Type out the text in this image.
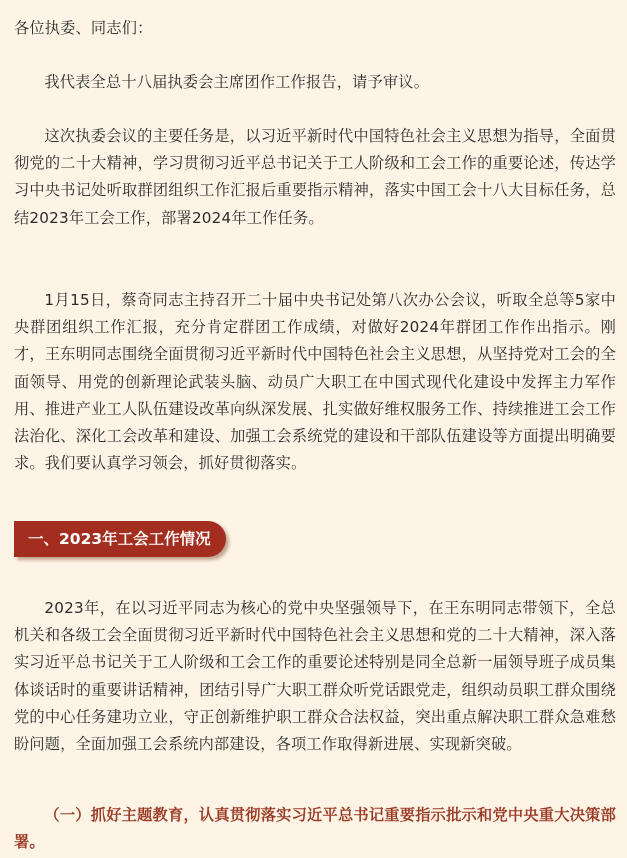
各位执委、同志们：

我代表全总十八届执委会主席团作工作报告，请予审议。

这次执委会议的主要任务是，以习近平新时代中国特色社会主义思想为指导，全面贯彻党的二十大精神，学习贯彻习近平总书记关于工人阶级和工会工作的重要论述，传达学习中央书记处听取群团组织工作汇报后重要指示精神，落实中国工会十八大目标任务，总结2023年工会工作，部署2024年工作任务。

1月15日，蔡奇同志主持召开二十届中央书记处第八次办公会议，听取全总等5家中央群团组织工作汇报，充分肯定群团工作成绩，对做好2024年群团工作作出指示。刚才，王东明同志围绕全面贯彻习近平新时代中国特色社会主义思想，从坚持党对工会的全面领导、用党的创新理论武装头脑、动员广大职工在中国式现代化建设中发挥主力军作用、推进产业工人队伍建设改革向纵深发展、扎实做好维权服务工作、持续推进工会工作法治化、深化工会改革和建设、加强工会系统党的建设和干部队伍建设等方面提出明确要求。我们要认真学习领会，抓好贯彻落实。

一、2023年工会工作情况

2023年，在以习近平同志为核心的党中央坚强领导下，在王东明同志带领下，全总机关和各级工会全面贯彻习近平新时代中国特色社会主义思想和党的二十大精神，深入落实习近平总书记关于工人阶级和工会工作的重要论述特别是同全总新一届领导班子成员集体谈话时的重要讲话精神，团结引导广大职工群众听党话跟党走，组织动员职工群众围绕党的中心任务建功立业，守正创新维护职工群众合法权益，突出重点解决职工群众急难愁盼问题，全面加强工会系统内部建设，各项工作取得新进展、实现新突破。

（一）抓好主题教育，认真贯彻落实习近平总书记重要指示批示和党中央重大决策部署。
